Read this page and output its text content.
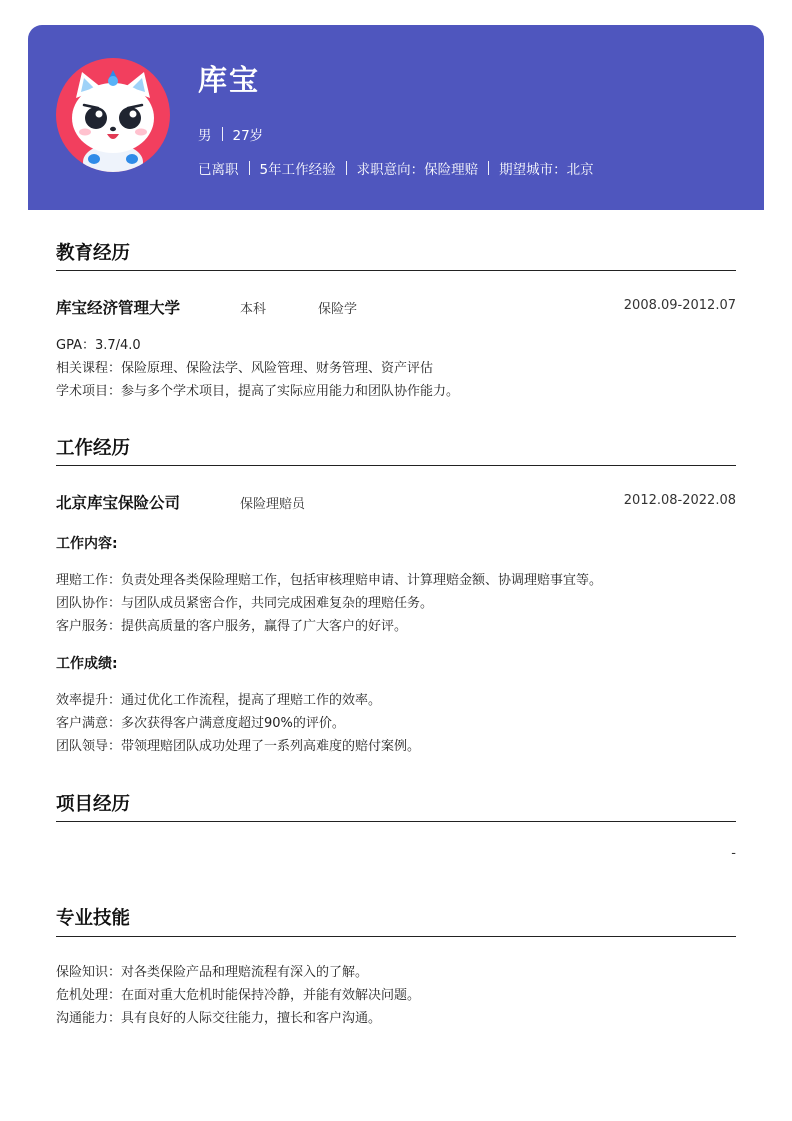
库宝
男 27岁
已离职 5年工作经验 求职意向：保险理赔 期望城市：北京
教育经历
库宝经济管理大学	本科	保险学	2008.09-2012.07
GPA：3.7/4.0
相关课程：保险原理、保险法学、风险管理、财务管理、资产评估
学术项目：参与多个学术项目，提高了实际应用能力和团队协作能力。
工作经历
北京库宝保险公司	保险理赔员	2012.08-2022.08
工作内容:
理赔工作：负责处理各类保险理赔工作，包括审核理赔申请、计算理赔金额、协调理赔事宜等。
团队协作：与团队成员紧密合作，共同完成困难复杂的理赔任务。
客户服务：提供高质量的客户服务，赢得了广大客户的好评。
工作成绩:
效率提升：通过优化工作流程，提高了理赔工作的效率。
客户满意：多次获得客户满意度超过90%的评价。
团队领导：带领理赔团队成功处理了一系列高难度的赔付案例。
项目经历
-
专业技能
保险知识：对各类保险产品和理赔流程有深入的了解。
危机处理：在面对重大危机时能保持冷静，并能有效解决问题。
沟通能力：具有良好的人际交往能力，擅长和客户沟通。
